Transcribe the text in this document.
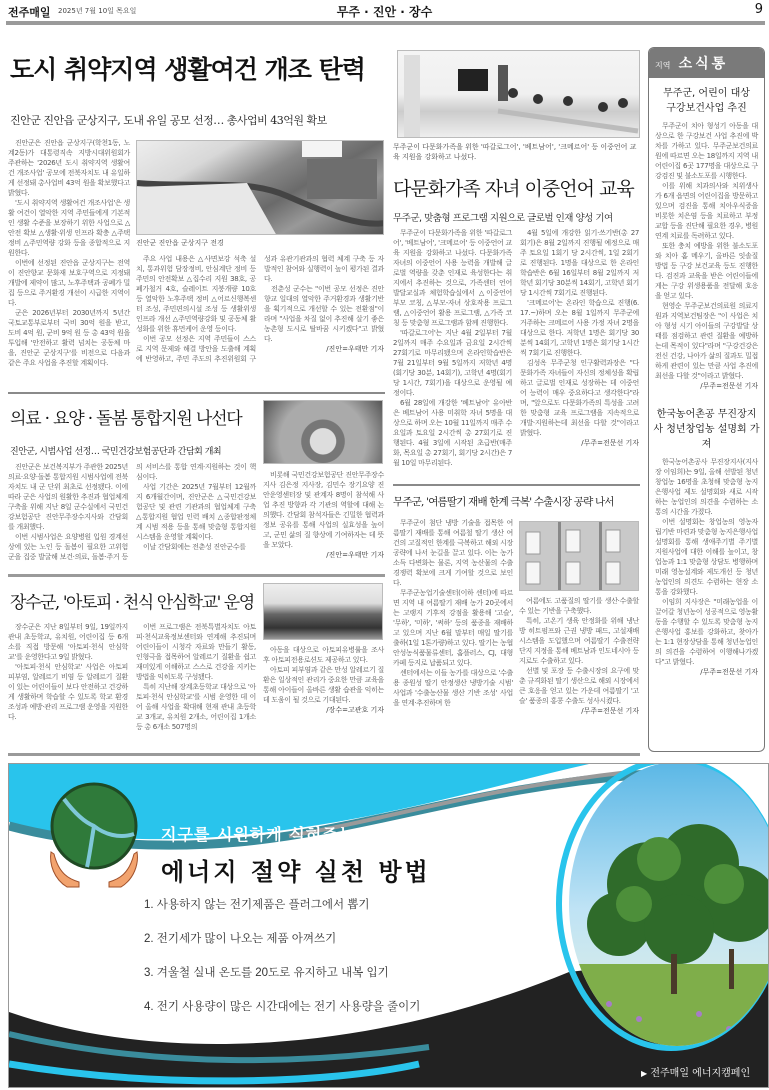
전주매일 2025년 7월 10일 목요일	무주 · 진안 · 장수	9
도시 취약지역 생활여건 개조 탄력
진안군 진안읍 군상지구, 도내 유일 공모 선정… 총사업비 43억원 확보

진안군은 진안읍 군상지구(학천1동, 노계2동)가 대통령직속 지방시대위원회가 주관하는 '2026년 도시 취약지역 생활여건 개조사업' 공모에 전북자치도 내 유일하게 선정돼 총사업비 43억 원을 확보했다고 밝혔다.

'도시 취약지역 생활여건 개조사업'은 생활 여건이 열악한 지역 주민들에게 기본적인 생활 수준을 보장하기 위한 사업으로 △안전 확보 △생활·위생 인프라 확충 △주택 정비 △주민역량 강화 등을 종합적으로 지원한다.

이번에 선정된 진안읍 군상지구는 전역이 진안향교 문화재 보호구역으로 지정돼 개발에 제약이 많고, 노후주택과 공폐가 밀집 등으로 주거환경 개선이 시급한 지역이다.

군은 2026년부터 2030년까지 5년간 국토교통부로부터 국비 30억 원을 받고, 도비 4억 원, 군비 9억 원 등 총 43억 원을 투입해 '안전하고 활력 넘치는 공동체 마을, 진안군 군상지구'를 비전으로 다음과 같은 주요 사업을 추진할 계획이다.

진안군 진안읍 군상지구 전경

주요 사업 내용은 △사면보강 석축 설치, 통과위험 담장정비, 안심계단 정비 등 주민의 안전확보 △집수리 지원 38호, 공폐가철거 4호, 슬레이트 지붕개량 10호 등 열악한 노후주택 정비 △어르신행복센터 조성, 주민편의시설 조성 등 생활위생인프라 개선 △주민역량강화 및 공동체 활성화를 위한 휴먼케어 운영 등이다.

이번 공모 선정은 지역 주민들이 스스로 지역 문제와 해결 방안을 도출해 계획에 반영하고, 주민 주도의 추진위원회 구성과 유관기관과의 협력 체계 구축 등 자발적인 참여와 실행력이 높이 평가된 결과다.

전춘성 군수는 "이번 공모 선정은 진안향교 일대의 열악한 주거환경과 생활기반을 획기적으로 개선할 수 있는 전환점"이라며 "사업을 차질 없이 추진해 살기 좋은 농촌형 도시로 탈바꿈 시키겠다"고 밝혔다.

/진안=우태만 기자
의료 · 요양 · 돌봄 통합지원 나선다
진안군, 시범사업 선정… 국민건강보험공단과 간담회 개최

진안군은 보건복지부가 주관한 2025년 의료·요양·돌봄 통합지원 시범사업에 전북자치도 내 군 단위 최초로 선정됐다. 이에 따라 군은 사업의 원활한 추진과 협업체계 구축을 위해 지난 8일 군수실에서 국민건강보험공단 진안무주장수지사와 간담회를 개최했다.

이번 시범사업은 요양병원 입원 경계선상에 있는 노인 등 돌봄이 필요한 고위험군을 집중 발굴해 보건·의료, 돌봄·주거 등의 서비스를 통합 연계·지원하는 것이 핵심이다.

사업 기간은 2025년 7월부터 12월까지 6개월간이며, 진안군은 △국민건강보험공단 및 관련 기관과의 협업체계 구축 △통합지원 협업 인력 배치 △종합판정체계 시범 적용 등을 통해 맞춤형 통합지원 시스템을 운영할 계획이다.

이날 간담회에는 전춘성 진안군수를

비롯해 국민건강보험공단 진안무주장수지사 김은정 지사장, 김민수 장기요양 진안운영센터장 및 관계자 8명이 참석해 사업 추진 방향과 각 기관의 역할에 대해 논의했다. 간담회 참석자들은 긴밀한 협력과 정보 공유를 통해 사업의 실효성을 높이고, 군민 삶의 질 향상에 기여하자는 데 뜻을 모았다.

/진안=우태만 기자
장수군, '아토피 · 천식 안심학교' 운영

장수군은 지난 8일부터 9일, 19일까지 관내 초등학교, 유치원, 어린이집 등 6개소를 직접 방문해 '아토피·천식 안심학교'를 운영한다고 9일 밝혔다.

'아토피·천식 안심학교' 사업은 아토피 피부염, 알레르기 비염 등 알레르기 질환이 있는 어린이들이 보다 안전하고 건강하게 생활하며 학습할 수 있도록 학교 환경 조성과 예방·관리 프로그램 운영을 지원한다.

이번 프로그램은 전북특별자치도 아토피·천식교육정보센터와 연계해 추진되며 어린이들이 시청각 자료와 만들기 활동, 인형극을 접목하여 알레르기 질환을 쉽고 재미있게 이해하고 스스로 건강을 지키는 방법을 익히도록 구성됐다.

특히 지난해 장계초등학교 대상으로 '아토피·천식 안심학교'를 시범 운영한 데 이어 올해 사업을 확대해 현재 관내 초등학교 3개교, 유치원 2개소, 어린이집 1개소 등 총 6개소 507명의

아동을 대상으로 아토피유병률을 조사 후 아토피전용로션도 제공하고 있다.

아토피 피부염과 같은 만성 알레르기 질환은 일상적인 관리가 중요한 만큼 교육을 통해 아이들이 올바른 생활 습관을 익히는 데 도움이 될 것으로 기대된다.

/장수=고관호 기자
무주군이 다문화가족을 위한 '따갈로그어', '베트남어', '크메르어' 등 이중언어 교육 지원을 강화하고 나섰다.
다문화가족 자녀 이중언어 교육
무주군, 맞춤형 프로그램 지원으로 글로벌 인재 양성 기여

무주군이 다문화가족을 위한 '따갈로그어', '베트남어', '크메르어' 등 이중언어 교육 지원을 강화하고 나섰다. 다문화가족 자녀의 이중언어 사용 능력을 개발해 글로벌 역량을 갖춘 인재로 육성한다는 취지에서 추진하는 것으로, 가족센터 언어발달교실과 체험학습실에서 △이중언어 부모 코칭, △부모-자녀 상호작용 프로그램, △이중언어 활용 프로그램, △가족 코칭 등 맞춤형 프로그램과 함께 진행한다.

'따갈로그어'는 지난 4월 2일부터 7월 2일까지 매주 수요일과 금요일 2시간씩 27회기로 마무리됐으며 온라인학습반은 7월 21일부터 9월 5일까지 저학년 4명(회기당 30분, 14회기), 고학년 4명(회기당 1시간, 7회기)을 대상으로 운영될 예정이다.

6월 28일에 개강한 '베트남어' 유아반은 베트남어 사용 미취학 자녀 5명을 대상으로 하며 오는 10월 11일까지 매주 수요일과 토요일 2시간씩 총 27회기로 진행된다. 4월 3일에 시작된 초급반(매주 화, 목요일 총 27회기, 회기당 2시간)은 7월 10일 마무리된다.

4월 5일에 개강한 읽기·쓰기반(총 27회기)은 8월 2일까지 진행될 예정으로 매주 토요일 1회기 당 2시간씩, 1일 2회기로 진행된다. 1명을 대상으로 한 온라인학습반은 6월 16일부터 8월 2일까지 저학년 회기당 30분씩 14회기, 고학년 회기당 1시간씩 7회기로 진행된다.

'크메르어'는 온라인 학습으로 진행(6. 17.~)하며 오는 8월 1일까지 무주군에 거주하는 크메르어 사용 가정 자녀 2명을 대상으로 한다. 저학년 1명은 회기당 30분씩 14회기, 고학년 1명은 회기당 1시간씩 7회기로 진행한다.

김성옥 무주군청 인구활력과장은 "다문화가족 자녀들이 자신의 정체성을 확립하고 글로벌 인재로 성장하는 데 이중언어 능력이 매우 중요하다고 생각한다"라며, "앞으로도 다문화가족의 특성을 고려한 맞춤형 교육 프로그램을 지속적으로 개발·지원하는데 최선을 다할 것"이라고 밝혔다.

/무주=전문선 기자
무주군, '여름딸기 재배 한계 극복' 수출시장 공략 나서

무주군이 첨단 냉방 기술을 접목한 여름딸기 재배를 통해 여름철 딸기 생산 여건의 고질적인 한계를 극복하고 해외 시장 공략에 나서 눈길을 끌고 있다. 이는 농가 소득 다변화는 물론, 지역 농산물의 수출경쟁력 확보에 크게 기여할 것으로 보인다.

무주군농업기술센터(이하 센터)에 따르면 지역 내 여름딸기 재배 농가 20곳에서는 고랭지 기후적 강점을 활용해 '고슬', '무하', '미하', '써하' 등의 품종을 재배하고 있으며 지난 6월 말부터 매일 딸기를 출하(1일 1톤가량)하고 있다. 딸기는 농협안성농식품물류센터, 홈플러스, CJ, 대형카페 등지로 납품되고 있다.

센터에서는 이들 농가를 대상으로 '수출용 종원성 딸기 안정생산 냉방기술 시범' 사업과 '수출농산물 생산 기반 조성' 사업을 연계·추진하며 한

여름에도 고품질의 딸기를 생산·수출할 수 있는 기반을 구축했다.

특히, 고온기 생육 안정화를 위해 냉난방 히트펌프와 근권 냉방 패드, 고설재배 시스템을 도입했으며 여름딸기 수출전략단지 지정을 통해 베트남과 인도네시아 등지로도 수출하고 있다.

선별 및 포장 등 수출시장의 요구에 맞춘 규격화된 딸기 생산으로 해외 시장에서 큰 호응을 얻고 있는 가운데 여름딸기 '고슬' 품종의 홍콩 수출도 성사시켰다.

/무주=전문선 기자
지역 소식통
무주군, 어린이 대상 구강보건사업 추진

무주군이 치아 형성기 아동을 대상으로 한 구강보건 사업 추진에 박차를 가하고 있다. 무주군보건의료원에 따르면 오는 18일까지 지역 내 어린이집 6곳 177명을 대상으로 구강검진 및 불소도포를 시행한다.

이를 위해 치과의사와 치위생사가 6개 읍면의 어린이집을 방문하고 있으며 검진을 통해 치아우식증을 비롯한 치은염 등을 치료하고 부정교합 등을 진단해 필요한 경우, 병원 연계 치료를 독려하고 있다.

또한 충치 예방을 위한 불소도포와 치아 홈 메우기, 올바른 잇솔질 방법 등 구강 보건교육 등도 진행한다. 검진과 교육을 받은 어린이들에게는 구강 위생용품을 전달해 호응을 얻고 있다.

현영순 무주군보건의료원 의료지원과 지역보건팀장은 "이 사업은 치아 형성 시기 아이들의 구강발달 상태를 점검하고 관련 질환을 예방하는데 목적이 있다"라며 "구강건강은 전신 건강, 나아가 삶의 질과도 밀접하게 관련이 있는 만큼 사업 추진에 최선을 다할 것"이라고 밝혔다.

/무주=전문선 기자
한국농어촌공 무진장지사 청년창업농 설명회 가져

한국농어촌공사 무진장지사(지사장 이임희)는 9일, 올해 선발된 청년창업농 16명을 초청해 맞춤형 농지은행사업 제도 설명회와 새로 시작하는 농업인의 의견을 수렴하는 소통의 시간을 가졌다.

이번 설명회는 창업농의 영농자립기반 마련과 맞춤형 농지은행사업 설명회를 통해 생애주기별 주기별 지원사업에 대한 이해를 높이고, 창업농과 1:1 맞춤형 상담도 병행하며 미래 영농설계와 제도개선 등 청년농업인의 의견도 수렴하는 현장 소통을 강화했다.

이임희 지사장은 "미래농업을 이끌어갈 청년농이 성공적으로 영농활동을 수행할 수 있도록 맞춤형 농지은행사업 홍보를 강화하고, 찾아가는 1:1 현장상담을 통해 청년농업인의 의견을 수렴하여 이행해나가겠다"고 밝혔다.

/무주=전문선 기자
지구를 시원하게 식혀주는
에너지 절약 실천 방법
1. 사용하지 않는 전기제품은 플러그에서 뽑기
2. 전기세가 많이 나오는 제품 아껴쓰기
3. 겨울철 실내 온도를 20도로 유지하고 내복 입기
4. 전기 사용량이 많은 시간대에는 전기 사용량을 줄이기
▶ 전주매일 에너지캠페인
